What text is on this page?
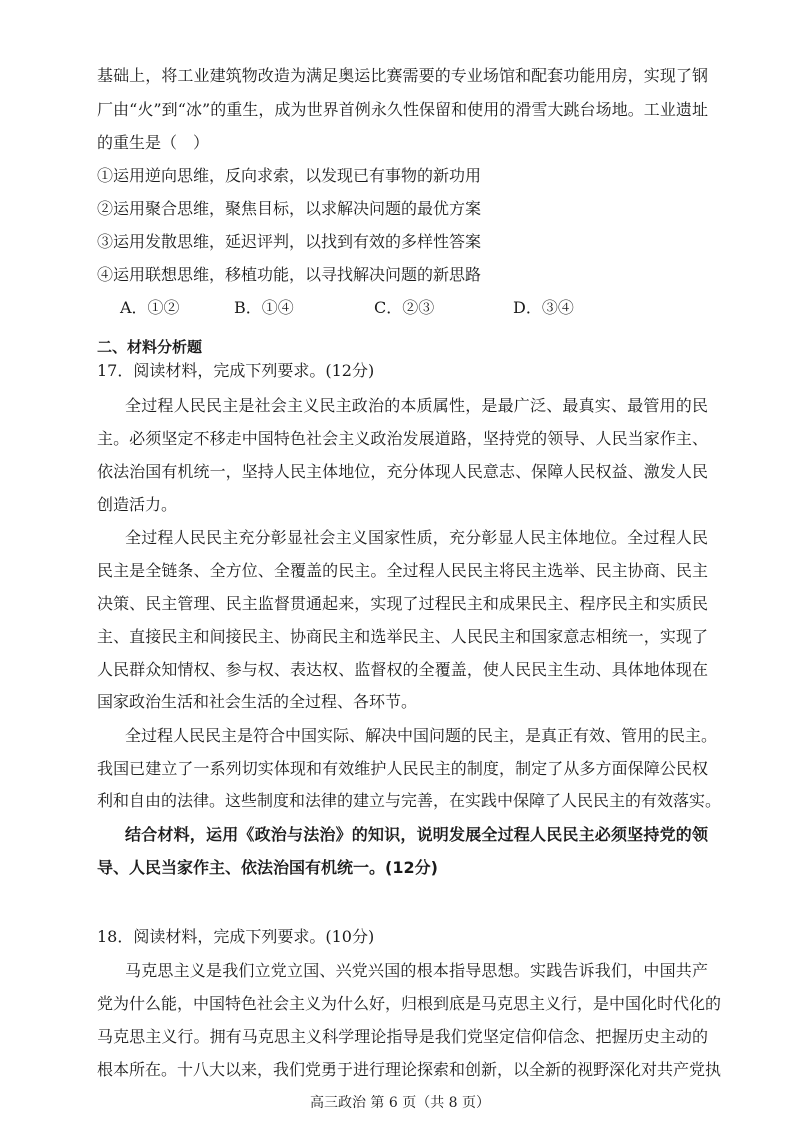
基础上，将工业建筑物改造为满足奥运比赛需要的专业场馆和配套功能用房，实现了钢
厂由“火”到“冰”的重生，成为世界首例永久性保留和使用的滑雪大跳台场地。工业遗址
的重生是（　）
①运用逆向思维，反向求索，以发现已有事物的新功用
②运用聚合思维，聚焦目标，以求解决问题的最优方案
③运用发散思维，延迟评判，以找到有效的多样性答案
④运用联想思维，移植功能，以寻找解决问题的新思路
A．①②	B．①④	C．②③	D．③④
二、材料分析题
17．阅读材料，完成下列要求。(12分)
全过程人民民主是社会主义民主政治的本质属性，是最广泛、最真实、最管用的民
主。必须坚定不移走中国特色社会主义政治发展道路，坚持党的领导、人民当家作主、
依法治国有机统一，坚持人民主体地位，充分体现人民意志、保障人民权益、激发人民
创造活力。
全过程人民民主充分彰显社会主义国家性质，充分彰显人民主体地位。全过程人民
民主是全链条、全方位、全覆盖的民主。全过程人民民主将民主选举、民主协商、民主
决策、民主管理、民主监督贯通起来，实现了过程民主和成果民主、程序民主和实质民
主、直接民主和间接民主、协商民主和选举民主、人民民主和国家意志相统一，实现了
人民群众知情权、参与权、表达权、监督权的全覆盖，使人民民主生动、具体地体现在
国家政治生活和社会生活的全过程、各环节。
全过程人民民主是符合中国实际、解决中国问题的民主，是真正有效、管用的民主。
我国已建立了一系列切实体现和有效维护人民民主的制度，制定了从多方面保障公民权
利和自由的法律。这些制度和法律的建立与完善，在实践中保障了人民民主的有效落实。
结合材料，运用《政治与法治》的知识，说明发展全过程人民民主必须坚持党的领
导、人民当家作主、依法治国有机统一。(12分)
18．阅读材料，完成下列要求。(10分)
马克思主义是我们立党立国、兴党兴国的根本指导思想。实践告诉我们，中国共产
党为什么能，中国特色社会主义为什么好，归根到底是马克思主义行，是中国化时代化的
马克思主义行。拥有马克思主义科学理论指导是我们党坚定信仰信念、把握历史主动的
根本所在。十八大以来，我们党勇于进行理论探索和创新，以全新的视野深化对共产党执
高三政治 第 6 页（共 8 页）
